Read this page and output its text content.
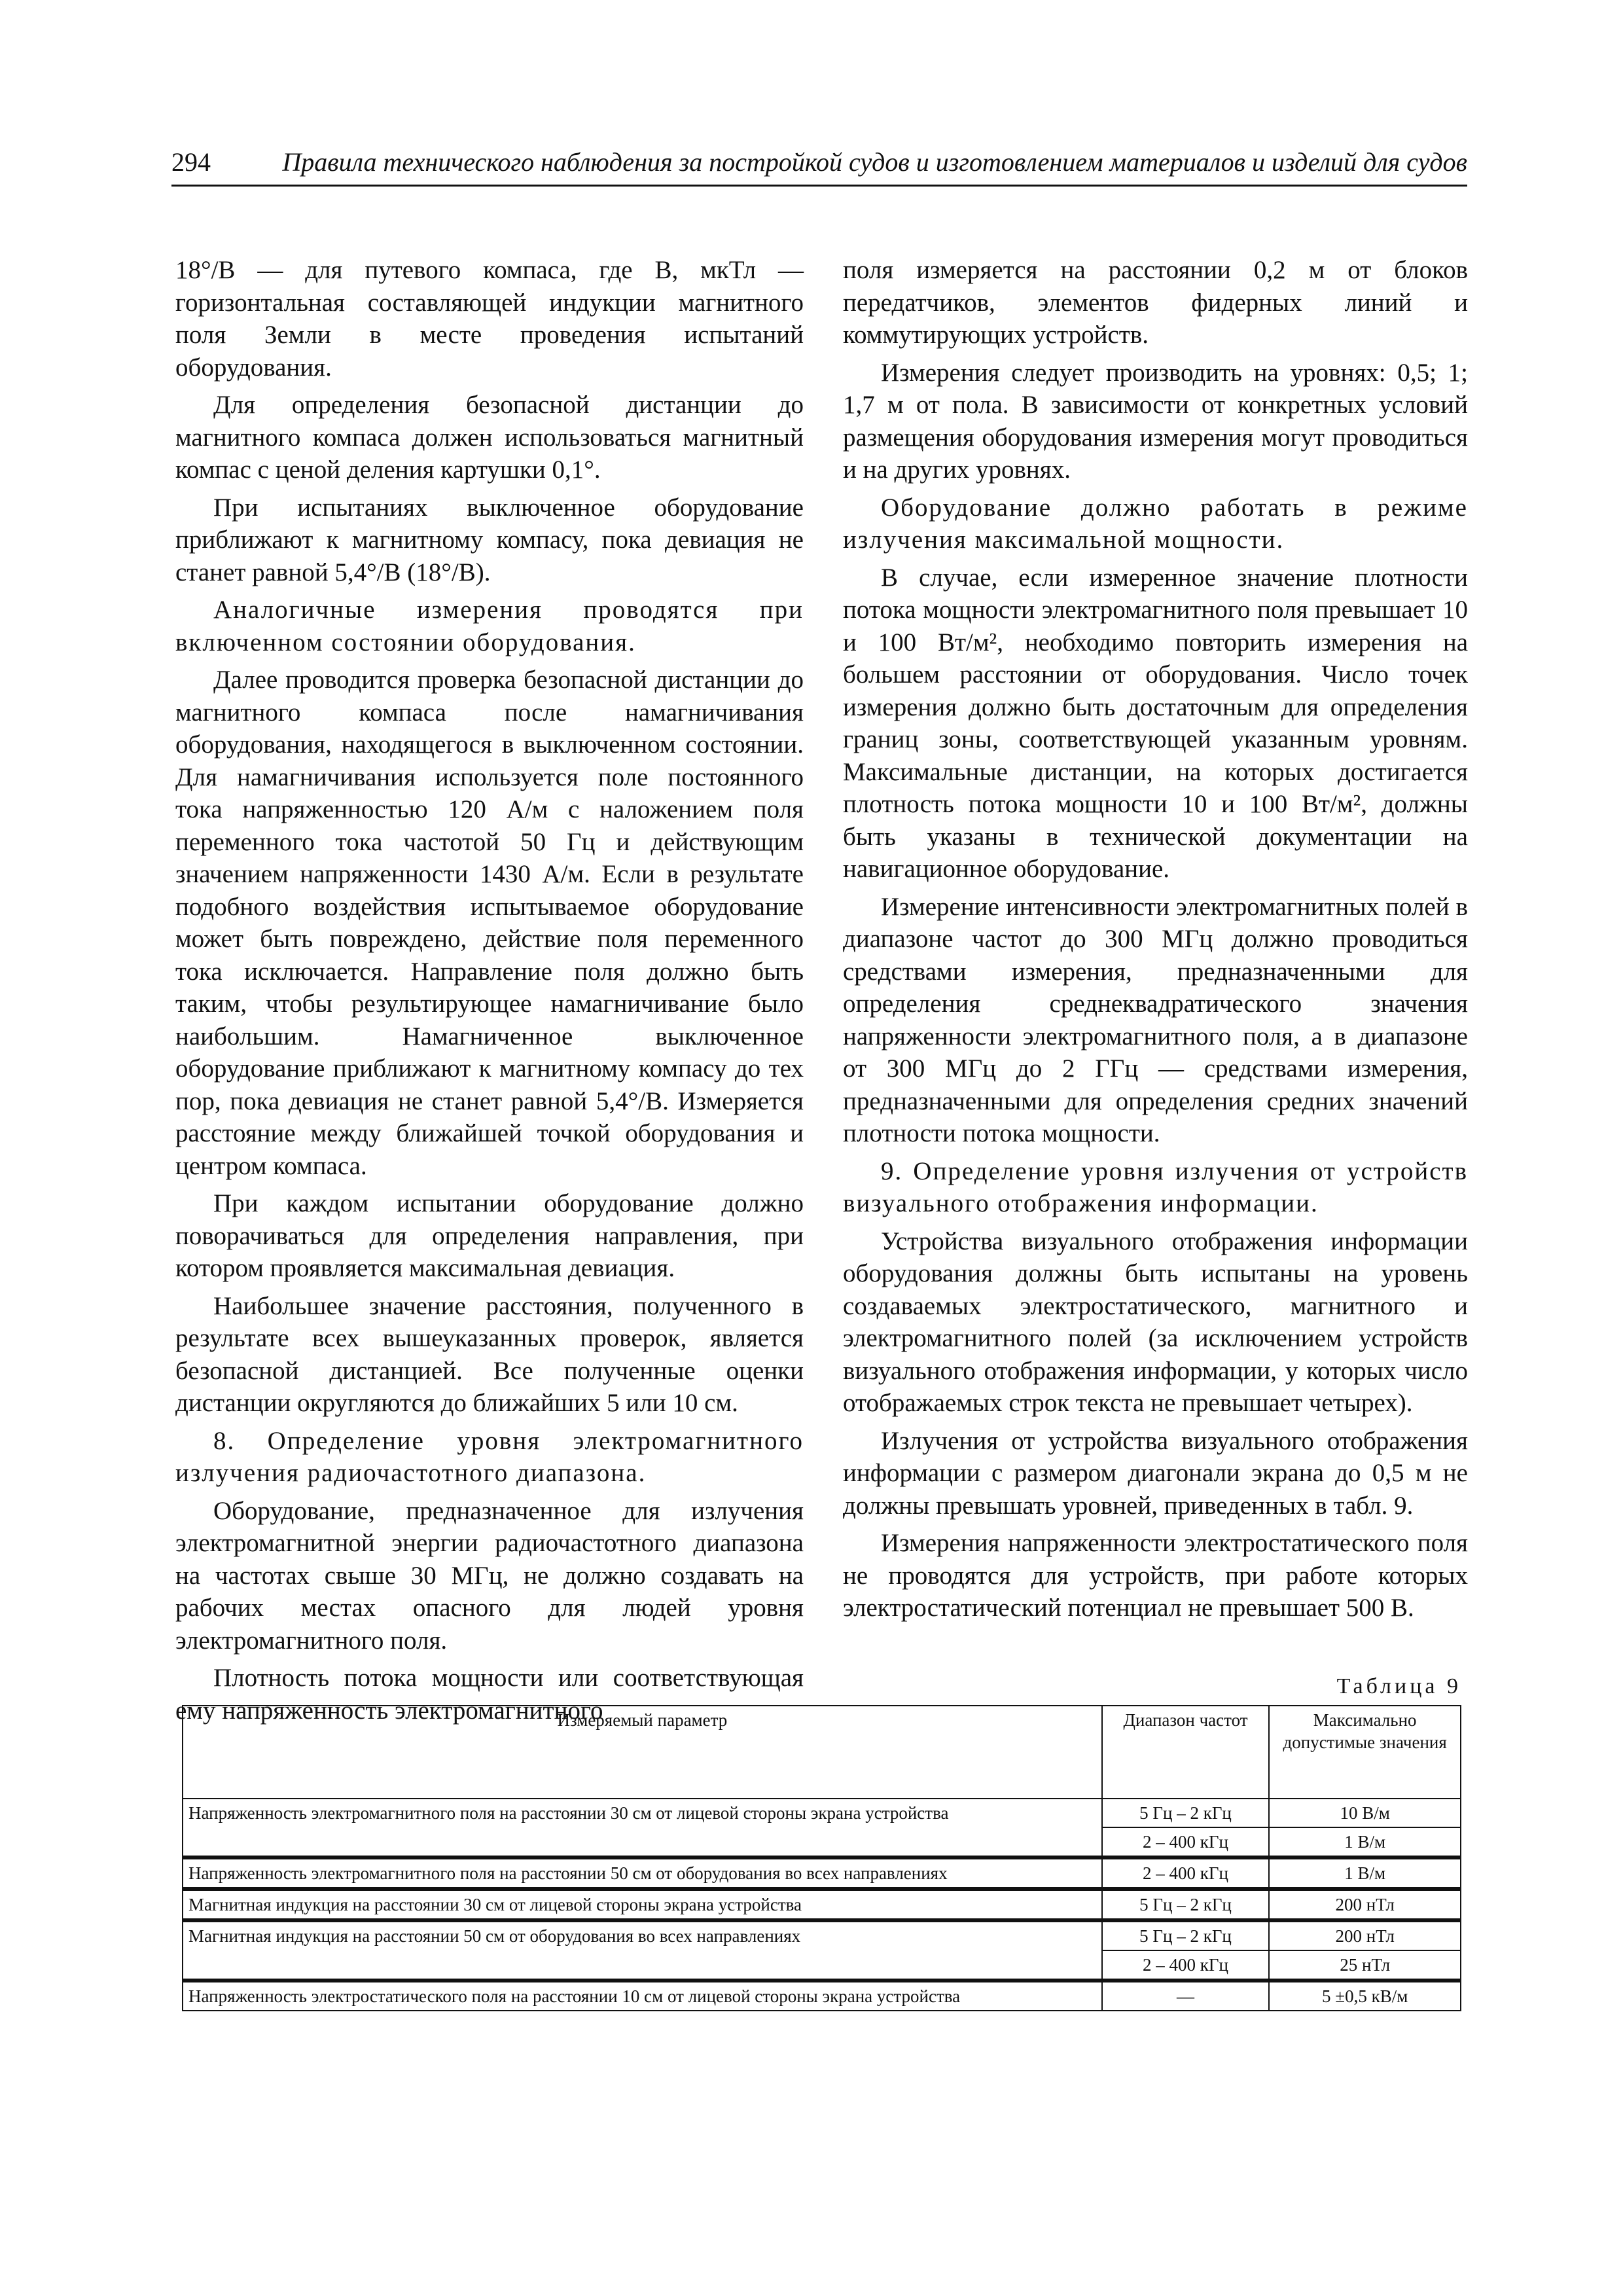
294	Правила технического наблюдения за постройкой судов и изготовлением материалов и изделий для судов

18°/B — для путевого компаса, где B, мкТл — горизонтальная составляющей индукции магнитного поля Земли в месте проведения испытаний оборудования.

Для определения безопасной дистанции до магнитного компаса должен использоваться магнитный компас с ценой деления картушки 0,1°.

При испытаниях выключенное оборудование приближают к магнитному компасу, пока девиация не станет равной 5,4°/B (18°/B).

Аналогичные измерения проводятся при включенном состоянии оборудования.

Далее проводится проверка безопасной дистанции до магнитного компаса после намагничивания оборудования, находящегося в выключенном состоянии. Для намагничивания используется поле постоянного тока напряженностью 120 А/м с наложением поля переменного тока частотой 50 Гц и действующим значением напряженности 1430 А/м. Если в результате подобного воздействия испытываемое оборудование может быть повреждено, действие поля переменного тока исключается. Направление поля должно быть таким, чтобы результирующее намагничивание было наибольшим. Намагниченное выключенное оборудование приближают к магнитному компасу до тех пор, пока девиация не станет равной 5,4°/B. Измеряется расстояние между ближайшей точкой оборудования и центром компаса.

При каждом испытании оборудование должно поворачиваться для определения направления, при котором проявляется максимальная девиация.

Наибольшее значение расстояния, полученного в результате всех вышеуказанных проверок, является безопасной дистанцией. Все полученные оценки дистанции округляются до ближайших 5 или 10 см.

8. Определение уровня электромагнитного излучения радиочастотного диапазона.

Оборудование, предназначенное для излучения электромагнитной энергии радиочастотного диапазона на частотах свыше 30 МГц, не должно создавать на рабочих местах опасного для людей уровня электромагнитного поля.

Плотность потока мощности или соответствующая ему напряженность электромагнитного

поля измеряется на расстоянии 0,2 м от блоков передатчиков, элементов фидерных линий и коммутирующих устройств.

Измерения следует производить на уровнях: 0,5; 1; 1,7 м от пола. В зависимости от конкретных условий размещения оборудования измерения могут проводиться и на других уровнях.

Оборудование должно работать в режиме излучения максимальной мощности.

В случае, если измеренное значение плотности потока мощности электромагнитного поля превышает 10 и 100 Вт/м², необходимо повторить измерения на большем расстоянии от оборудования. Число точек измерения должно быть достаточным для определения границ зоны, соответствующей указанным уровням. Максимальные дистанции, на которых достигается плотность потока мощности 10 и 100 Вт/м², должны быть указаны в технической документации на навигационное оборудование.

Измерение интенсивности электромагнитных полей в диапазоне частот до 300 МГц должно проводиться средствами измерения, предназначенными для определения среднеквадратического значения напряженности электромагнитного поля, а в диапазоне от 300 МГц до 2 ГГц — средствами измерения, предназначенными для определения средних значений плотности потока мощности.

9. Определение уровня излучения от устройств визуального отображения информации.

Устройства визуального отображения информации оборудования должны быть испытаны на уровень создаваемых электростатического, магнитного и электромагнитного полей (за исключением устройств визуального отображения информации, у которых число отображаемых строк текста не превышает четырех).

Излучения от устройства визуального отображения информации с размером диагонали экрана до 0,5 м не должны превышать уровней, приведенных в табл. 9.

Измерения напряженности электростатического поля не проводятся для устройств, при работе которых электростатический потенциал не превышает 500 В.

Таблица 9
Измеряемый параметр	Диапазон частот	Максимально допустимые значения
Напряженность электромагнитного поля на расстоянии 30 см от лицевой стороны экрана устройства	5 Гц – 2 кГц	10 В/м
	2 – 400 кГц	1 В/м
Напряженность электромагнитного поля на расстоянии 50 см от оборудования во всех направлениях	2 – 400 кГц	1 В/м
Магнитная индукция на расстоянии 30 см от лицевой стороны экрана устройства	5 Гц – 2 кГц	200 нТл
Магнитная индукция на расстоянии 50 см от оборудования во всех направлениях	5 Гц – 2 кГц	200 нТл
	2 – 400 кГц	25 нТл
Напряженность электростатического поля на расстоянии 10 см от лицевой стороны экрана устройства	—	5 ±0,5 кВ/м
